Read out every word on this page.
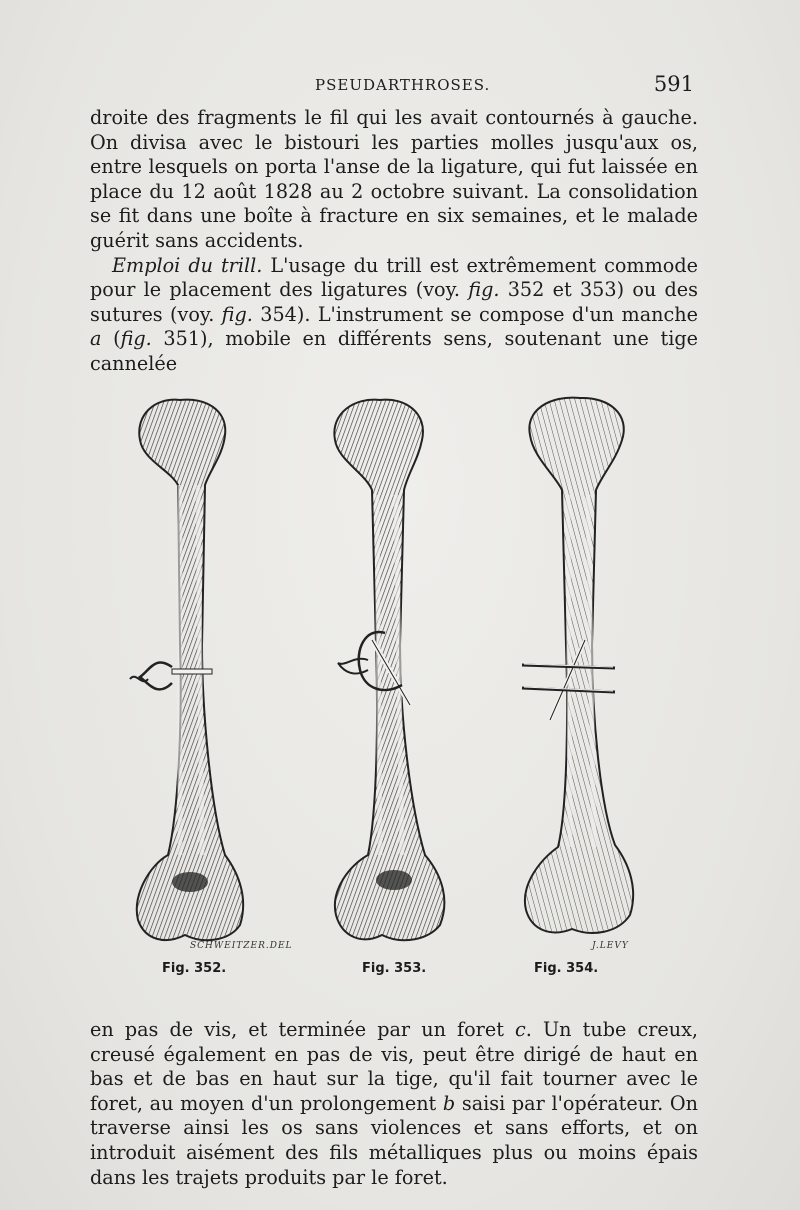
PSEUDARTHROSES.	591

droite des fragments le fil qui les avait contournés à gauche. On divisa avec le bistouri les parties molles jusqu'aux os, entre lesquels on porta l'anse de la ligature, qui fut laissée en place du 12 août 1828 au 2 octobre suivant. La consolidation se fit dans une boîte à fracture en six semaines, et le malade guérit sans accidents.

Emploi du trill. L'usage du trill est extrêmement commode pour le placement des ligatures (voy. fig. 352 et 353) ou des sutures (voy. fig. 354). L'instrument se compose d'un manche a (fig. 351), mobile en différents sens, soutenant une tige cannelée

SCHWEITZER.DEL	J.LEVY
Fig. 352.	Fig. 353.	Fig. 354.

en pas de vis, et terminée par un foret c. Un tube creux, creusé également en pas de vis, peut être dirigé de haut en bas et de bas en haut sur la tige, qu'il fait tourner avec le foret, au moyen d'un prolongement b saisi par l'opérateur. On traverse ainsi les os sans violences et sans efforts, et on introduit aisément des fils métalliques plus ou moins épais dans les trajets produits par le foret.
